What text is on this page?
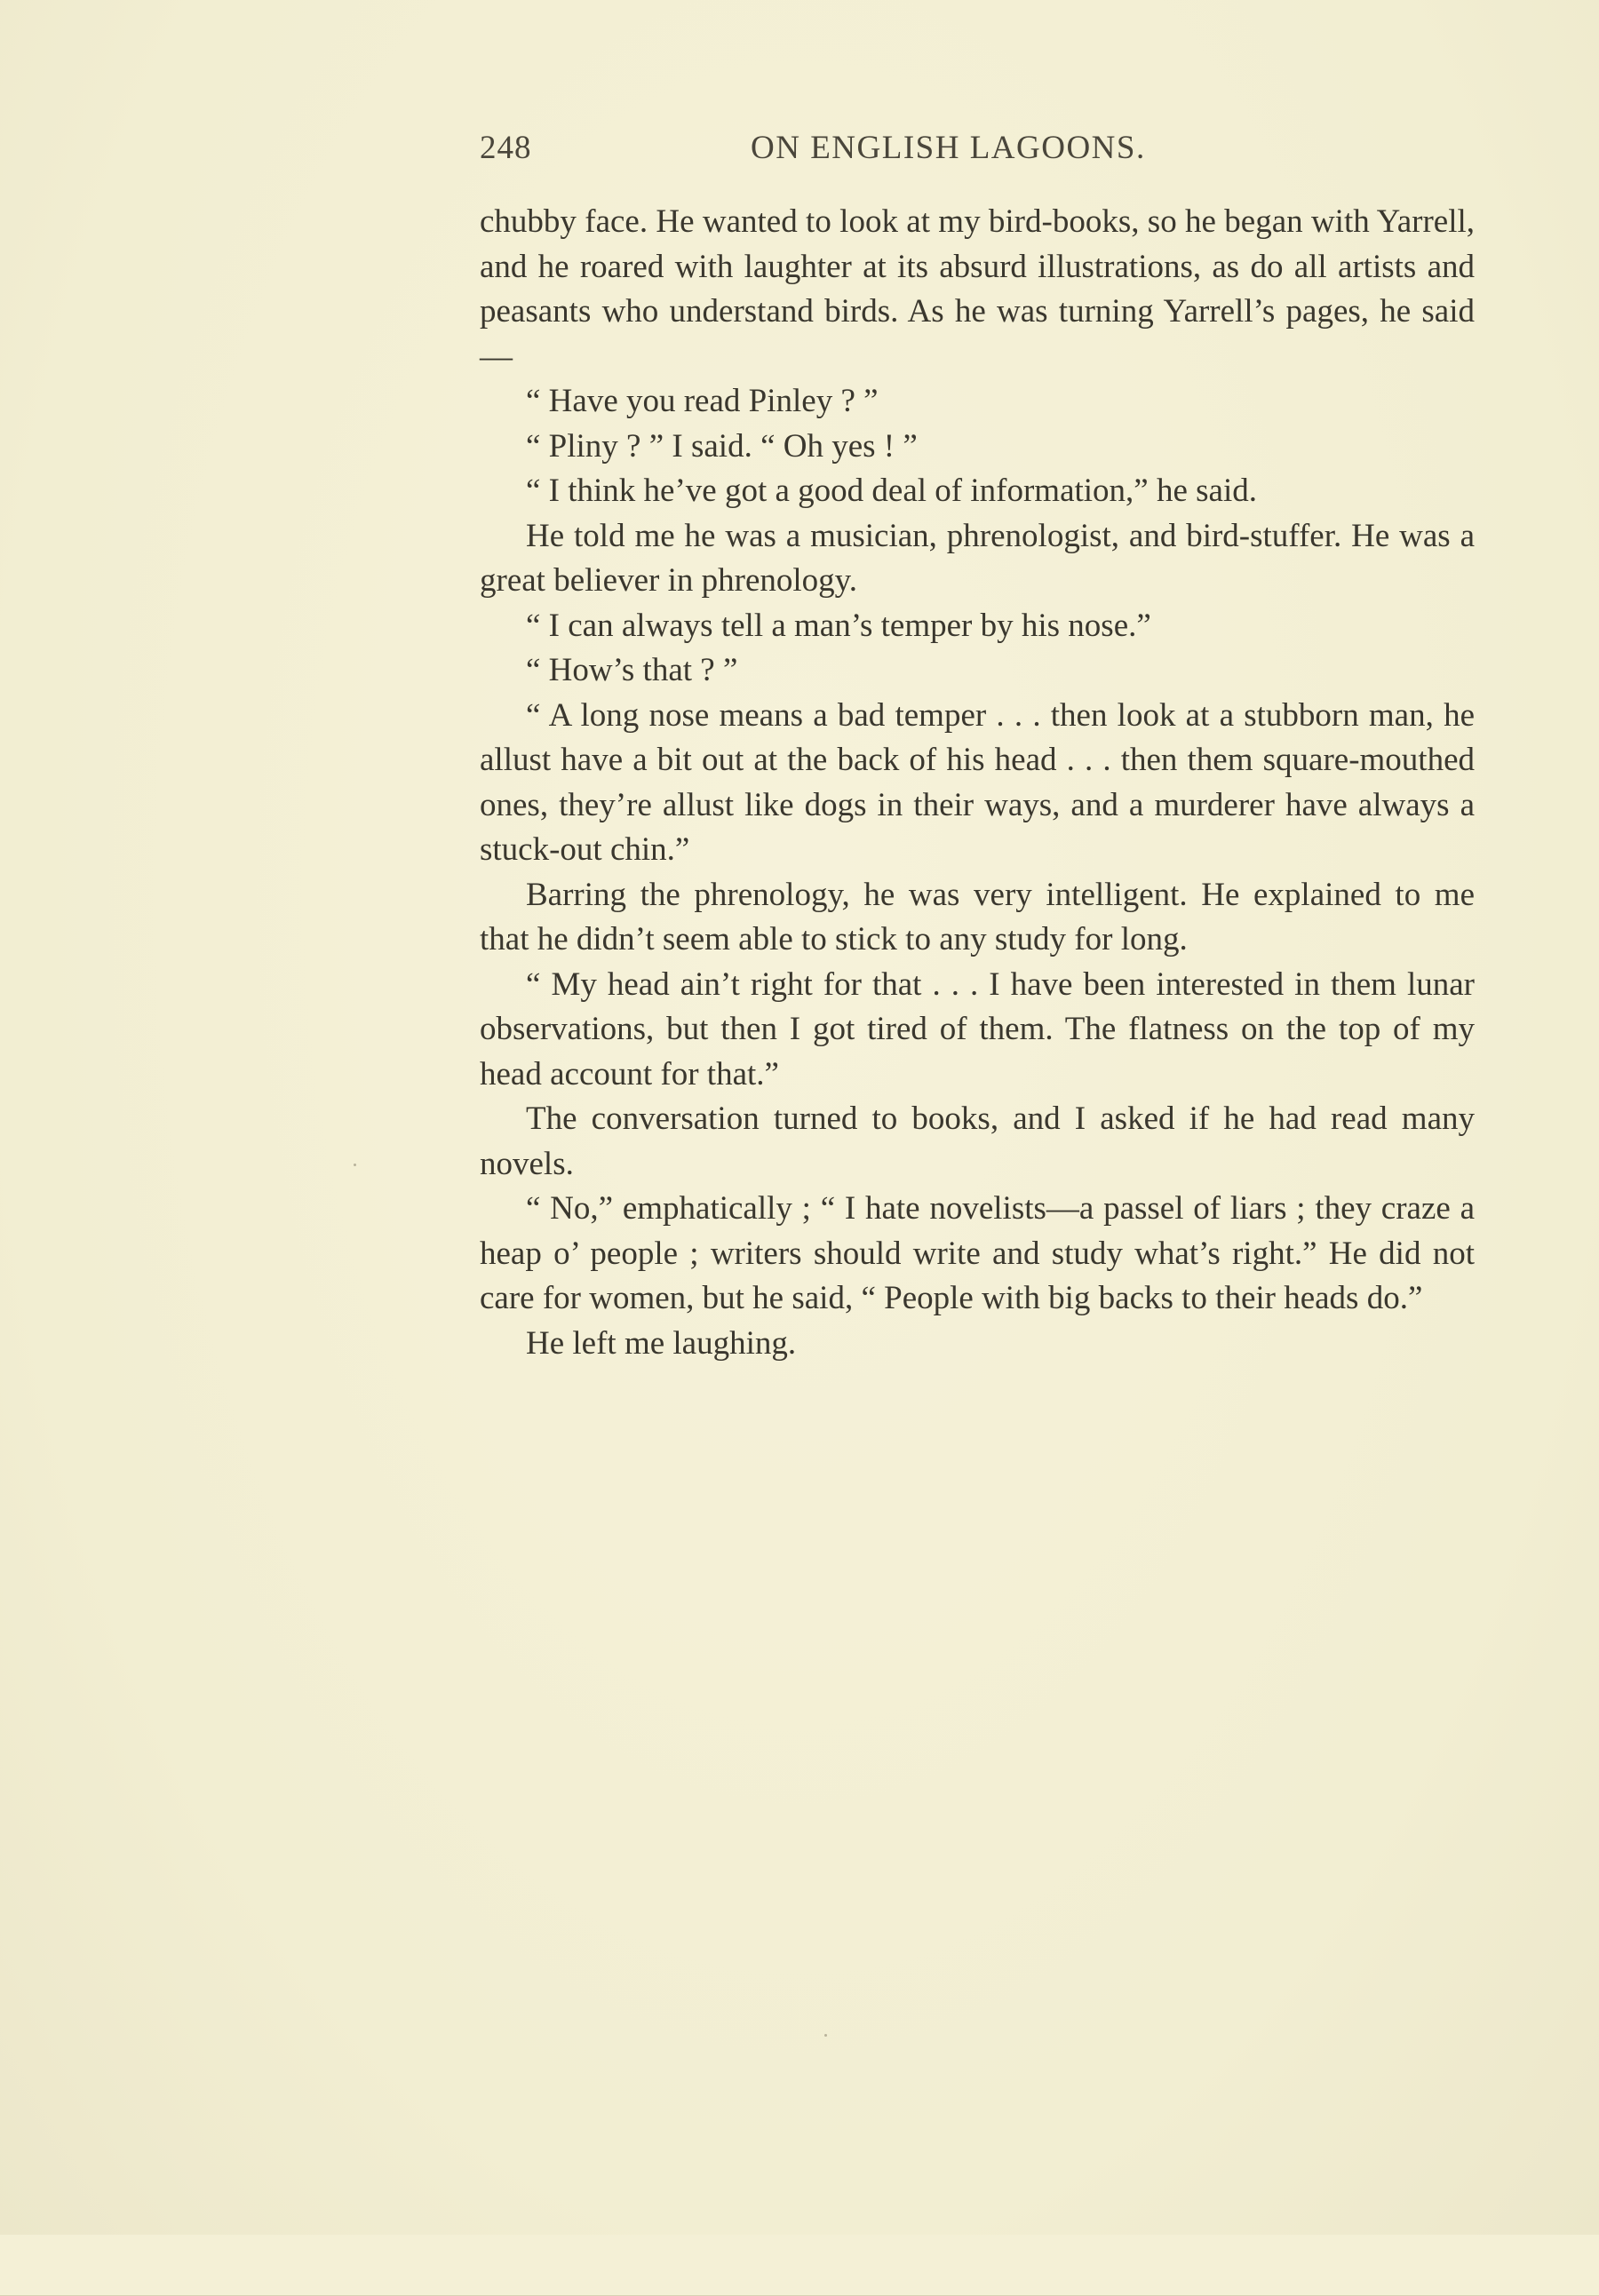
248	ON ENGLISH LAGOONS.

chubby face. He wanted to look at my bird-books, so he began with Yarrell, and he roared with laughter at its absurd illustrations, as do all artists and peasants who understand birds. As he was turning Yarrell’s pages, he said—

“ Have you read Pinley ? ”

“ Pliny ? ” I said. “ Oh yes ! ”

“ I think he’ve got a good deal of information,” he said.

He told me he was a musician, phrenologist, and bird-stuffer. He was a great believer in phrenology.

“ I can always tell a man’s temper by his nose.”

“ How’s that ? ”

“ A long nose means a bad temper . . . then look at a stubborn man, he allust have a bit out at the back of his head . . . then them square-mouthed ones, they’re allust like dogs in their ways, and a murderer have always a stuck-out chin.”

Barring the phrenology, he was very intelligent. He explained to me that he didn’t seem able to stick to any study for long.

“ My head ain’t right for that . . . I have been interested in them lunar observations, but then I got tired of them. The flatness on the top of my head account for that.”

The conversation turned to books, and I asked if he had read many novels.

“ No,” emphatically ; “ I hate novelists—a passel of liars ; they craze a heap o’ people ; writers should write and study what’s right.” He did not care for women, but he said, “ People with big backs to their heads do.”

He left me laughing.
